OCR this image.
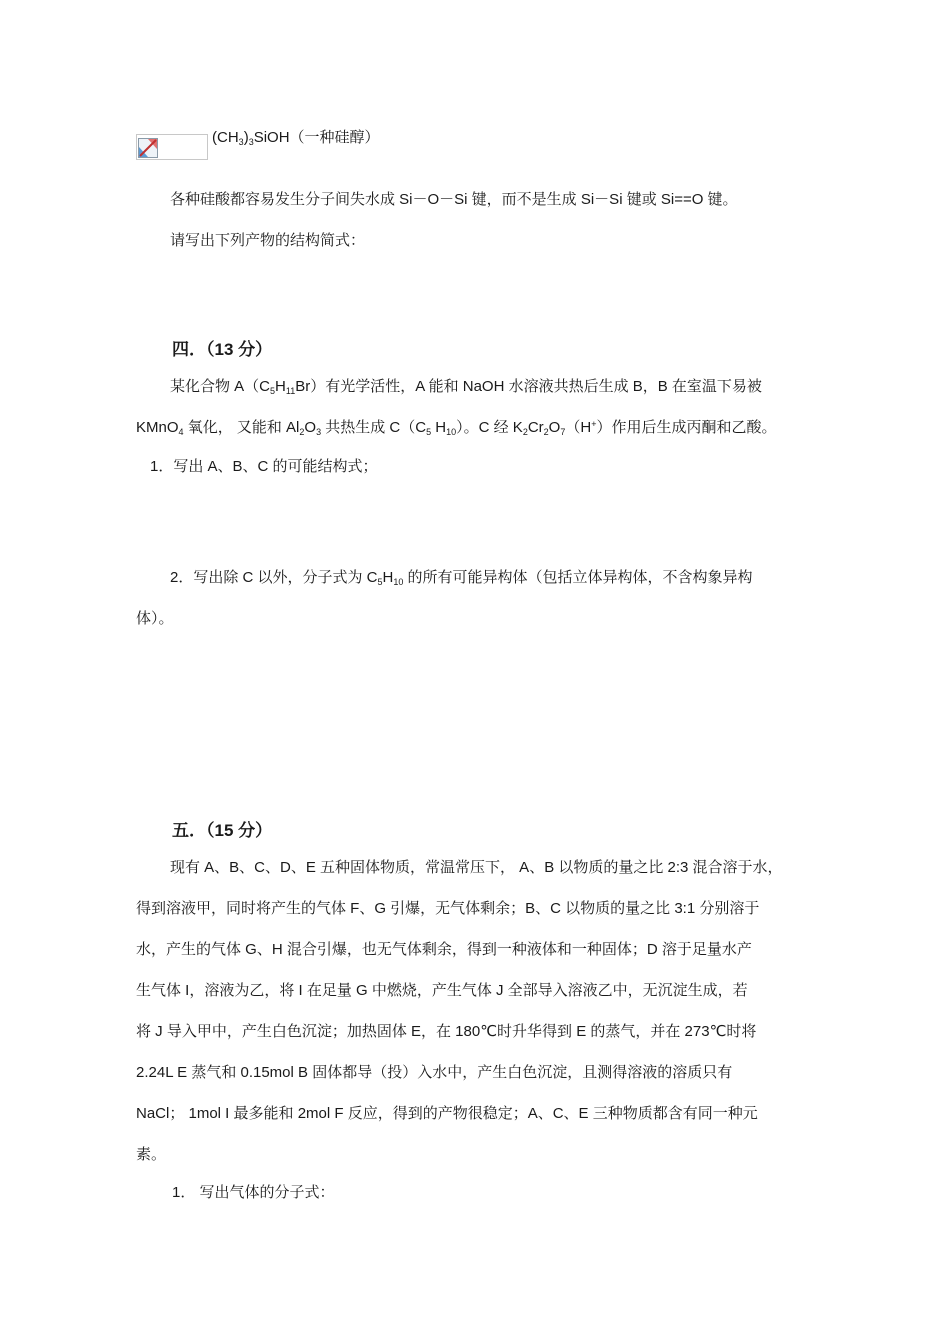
$(CH_3)_3SiOH$（一种硅醇）
各种硅酸都容易发生分子间失水成 Si－O－Si 键，而不是生成 Si－Si 键或 Si==O 键。
请写出下列产物的结构简式：
四．（13 分）
某化合物 $A(C_5H_{11}Br)$有光学活性，A 能和 NaOH 水溶液共热后生成 B，B 在室温下易被
KMnO$_4$ 氧化， 又能和 $Al_2O_3$ 共热生成 $C(C_5$ $H_{10}$）。C 经 $K_2Cr_2O_7(H^+)$作用后生成丙酮和乙酸。
1．写出 A、B、C 的可能结构式；
2．写出除 C 以外，分子式为 $C_5H_{10}$ 的所有可能异构体（包括立体异构体，不含构象异构
体）。
五．（15 分）
现有 A、B、C、D、E 五种固体物质，常温常压下， A、B 以物质的量之比 2:3 混合溶于水，
得到溶液甲，同时将产生的气体 F、G 引爆，无气体剩余；B、C 以物质的量之比 3:1 分别溶于
水，产生的气体 G、H 混合引爆，也无气体剩余，得到一种液体和一种固体；D 溶于足量水产
生气体 I，溶液为乙，将 I 在足量 G 中燃烧，产生气体 J 全部导入溶液乙中，无沉淀生成，若
将 J 导入甲中，产生白色沉淀；加热固体 E，在 180℃时升华得到 E 的蒸气，并在 273℃时将
2.24L E 蒸气和 0.15mol B 固体都导（投）入水中，产生白色沉淀，且测得溶液的溶质只有
NaCl； 1mol I 最多能和 2mol F 反应，得到的产物很稳定；A、C、E 三种物质都含有同一种元
素。
1． 写出气体的分子式：
